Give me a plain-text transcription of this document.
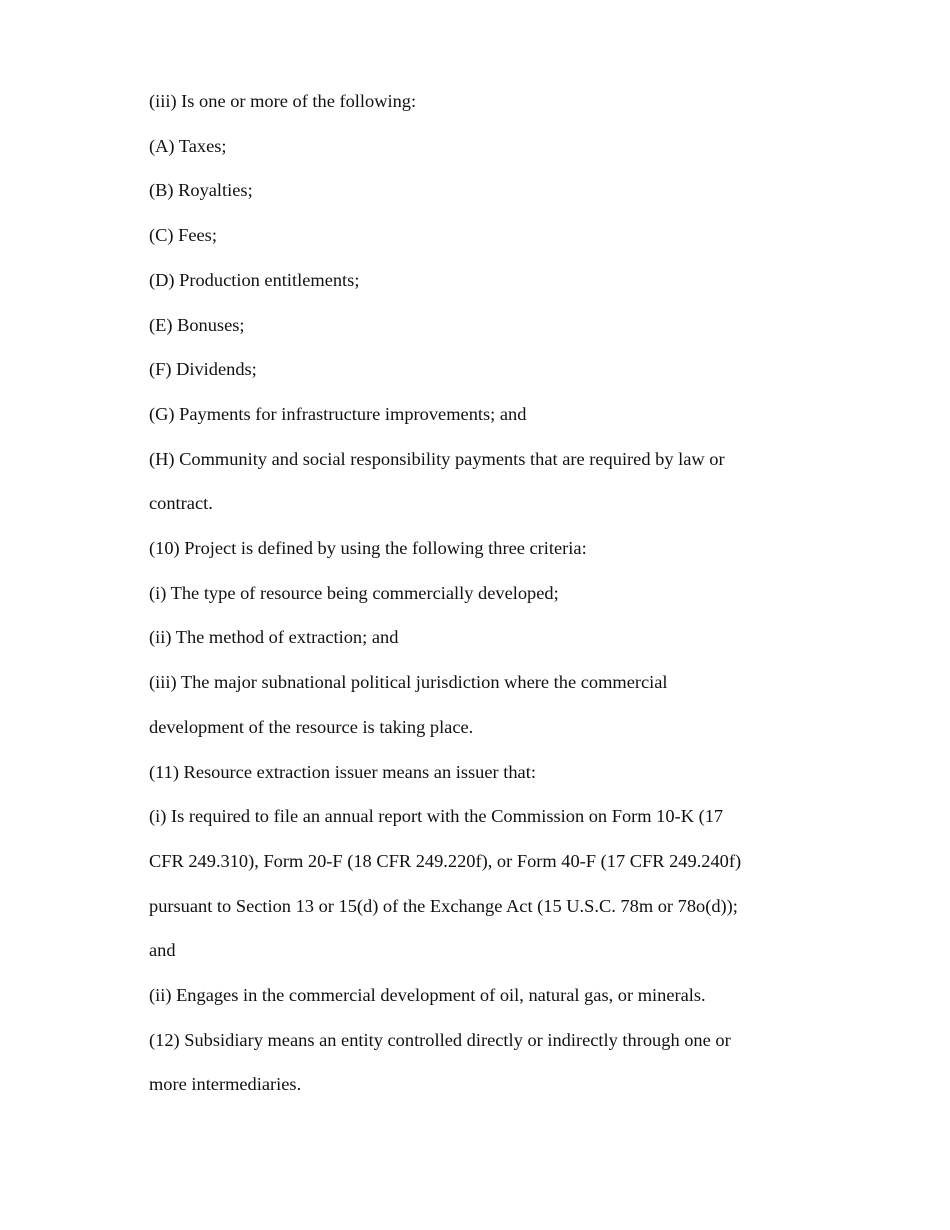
(iii) Is one or more of the following:

(A) Taxes;

(B) Royalties;

(C) Fees;

(D) Production entitlements;

(E) Bonuses;

(F) Dividends;

(G) Payments for infrastructure improvements; and

(H) Community and social responsibility payments that are required by law or

contract.

(10) Project is defined by using the following three criteria:

(i) The type of resource being commercially developed;

(ii) The method of extraction; and

(iii) The major subnational political jurisdiction where the commercial

development of the resource is taking place.

(11) Resource extraction issuer means an issuer that:

(i) Is required to file an annual report with the Commission on Form 10-K (17

CFR 249.310), Form 20-F (18 CFR 249.220f), or Form 40-F (17 CFR 249.240f)

pursuant to Section 13 or 15(d) of the Exchange Act (15 U.S.C. 78m or 78o(d));

and

(ii) Engages in the commercial development of oil, natural gas, or minerals.

(12) Subsidiary means an entity controlled directly or indirectly through one or

more intermediaries.
